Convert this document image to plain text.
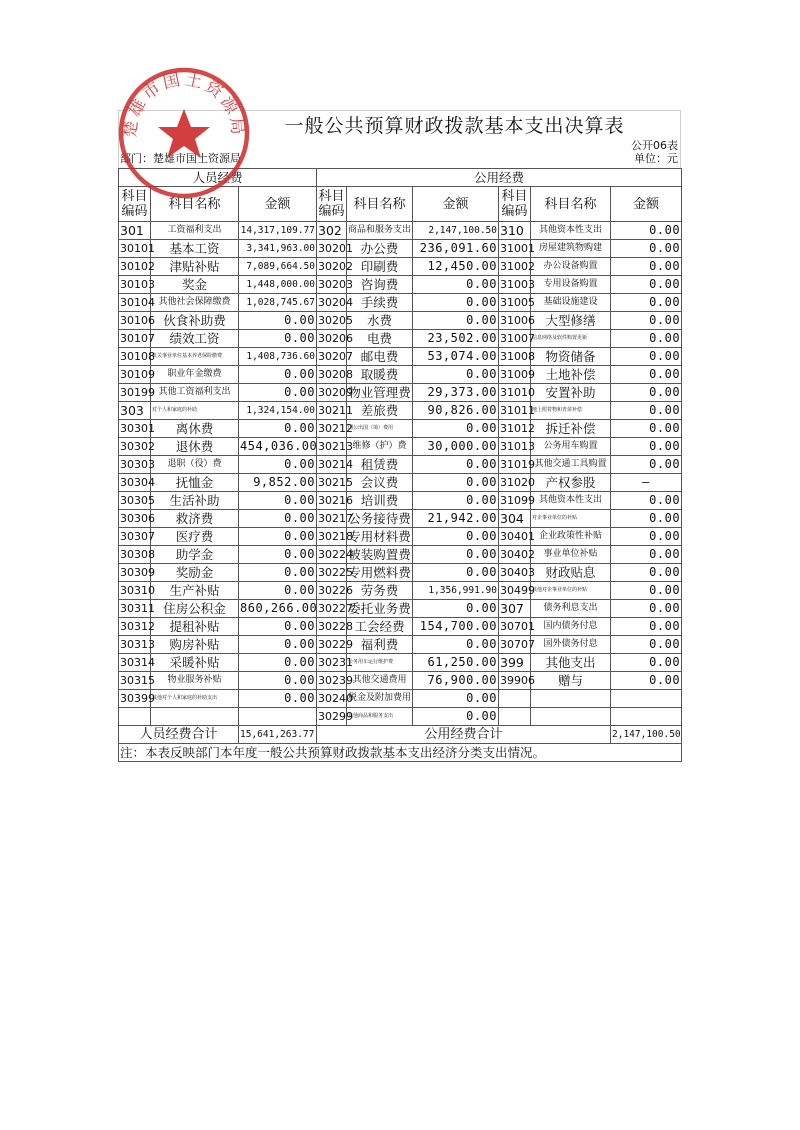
一般公共预算财政拨款基本支出决算表
公开06表
部门：楚雄市国土资源局	单位：元
人员经费			公用经费					
科目编码	科目名称	金额	科目编码	科目名称	金额	科目编码	科目名称	金额
301	工资福利支出	14,317,109.77	302	商品和服务支出	2,147,100.50	310	其他资本性支出	0.00
30101	基本工资	3,341,963.00	30201	办公费	236,091.60	31001	房屋建筑物购建	0.00
30102	津贴补贴	7,089,664.50	30202	印刷费	12,450.00	31002	办公设备购置	0.00
30103	奖金	1,448,000.00	30203	咨询费	0.00	31003	专用设备购置	0.00
30104	其他社会保障缴费	1,028,745.67	30204	手续费	0.00	31005	基础设施建设	0.00
30106	伙食补助费	0.00	30205	水费	0.00	31006	大型修缮	0.00
30107	绩效工资	0.00	30206	电费	23,502.00	31007	信息网络及软件购置更新	0.00
30108	机关事业单位基本养老保险缴费	1,408,736.60	30207	邮电费	53,074.00	31008	物资储备	0.00
30109	职业年金缴费	0.00	30208	取暖费	0.00	31009	土地补偿	0.00
30199	其他工资福利支出	0.00	30209	物业管理费	29,373.00	31010	安置补助	0.00
303	对个人和家庭的补助	1,324,154.00	30211	差旅费	90,826.00	31011	地上附着物和青苗补偿	0.00
30301	离休费	0.00	30212	因公出国（境）费用	0.00	31012	拆迁补偿	0.00
30302	退休费	454,036.00	30213	维修（护）费	30,000.00	31013	公务用车购置	0.00
30303	退职（役）费	0.00	30214	租赁费	0.00	31019	其他交通工具购置	0.00
30304	抚恤金	9,852.00	30215	会议费	0.00	31020	产权参股	—
30305	生活补助	0.00	30216	培训费	0.00	31099	其他资本性支出	0.00
30306	救济费	0.00	30217	公务接待费	21,942.00	304	对企事业单位的补贴	0.00
30307	医疗费	0.00	30218	专用材料费	0.00	30401	企业政策性补贴	0.00
30308	助学金	0.00	30224	被装购置费	0.00	30402	事业单位补贴	0.00
30309	奖励金	0.00	30225	专用燃料费	0.00	30403	财政贴息	0.00
30310	生产补贴	0.00	30226	劳务费	1,356,991.90	30499	其他对企事业单位的补贴	0.00
30311	住房公积金	860,266.00	30227	委托业务费	0.00	307	债务利息支出	0.00
30312	提租补贴	0.00	30228	工会经费	154,700.00	30701	国内债务付息	0.00
30313	购房补贴	0.00	30229	福利费	0.00	30707	国外债务付息	0.00
30314	采暖补贴	0.00	30231	公务用车运行维护费	61,250.00	399	其他支出	0.00
30315	物业服务补贴	0.00	30239	其他交通费用	76,900.00	39906	赠与	0.00
30399	其他对个人和家庭的补助支出	0.00	30240	税金及附加费用	0.00			
			30299	其他商品和服务支出	0.00			
人员经费合计		15,641,263.77	公用经费合计					2,147,100.50
注：本表反映部门本年度一般公共预算财政拨款基本支出经济分类支出情况。								
楚雄市国土资源局
